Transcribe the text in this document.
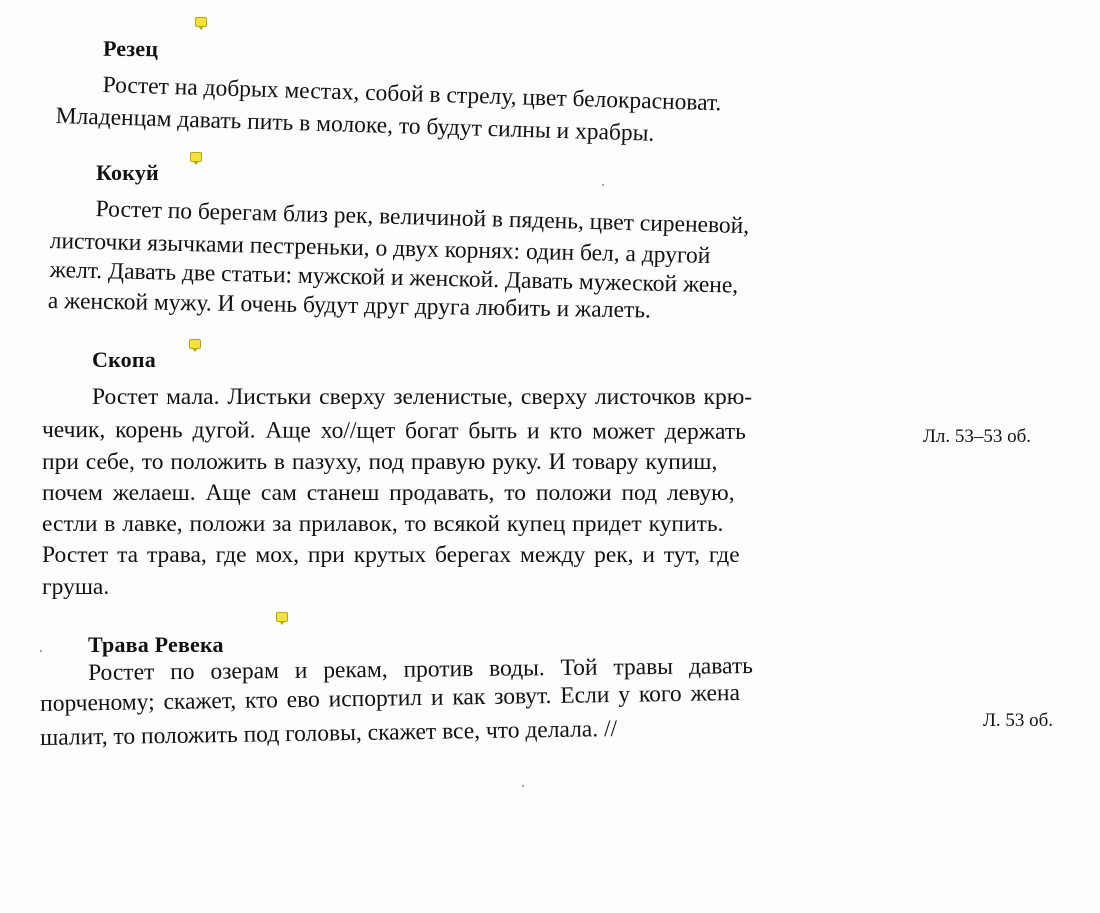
Резец

Ростет на добрых местах, собой в стрелу, цвет белокрасноват.

Младенцам давать пить в молоке, то будут силны и храбры.

Кокуй

Ростет по берегам близ рек, величиной в пядень, цвет сиреневой,

листочки язычками пестреньки, о двух корнях: один бел, а другой

желт. Давать две статьи: мужской и женской. Давать мужеской жене,

а женской мужу. И очень будут друг друга любить и жалеть.

Скопа

Ростет мала. Листьки сверху зеленистые, сверху листочков крю-

чечик, корень дугой. Аще хо//щет богат быть и кто может держать

при себе, то положить в пазуху, под правую руку. И товару купиш,

почем желаеш. Аще сам станеш продавать, то положи под левую,

естли в лавке, положи за прилавок, то всякой купец придет купить.

Ростет та трава, где мох, при крутых берегах между рек, и тут, где

груша.

Лл. 53–53 об.
Трава Ревека

Ростет по озерам и рекам, против воды. Той травы давать

порченому; скажет, кто ево испортил и как зовут. Если у кого жена

шалит, то положить под головы, скажет все, что делала. //	Л. 53 об.
